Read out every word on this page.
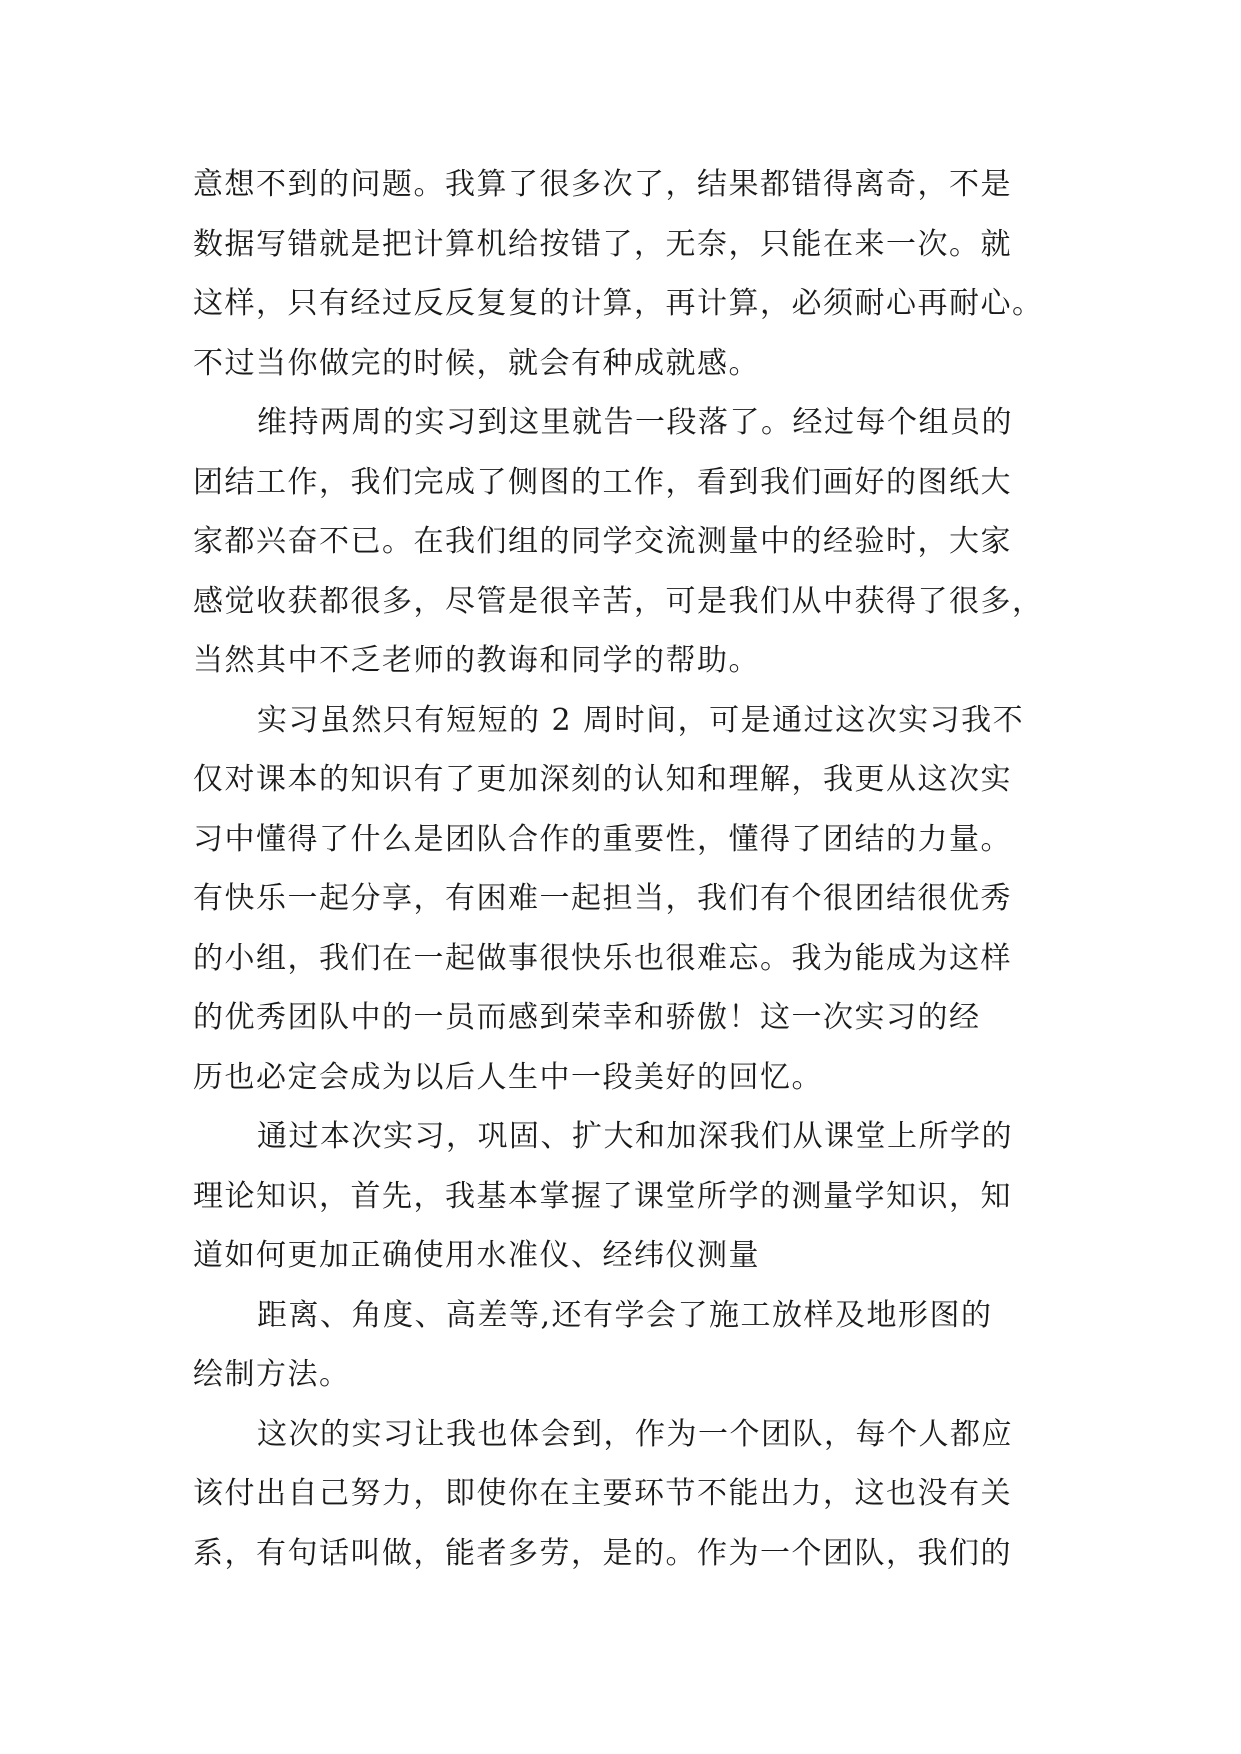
意想不到的问题。我算了很多次了，结果都错得离奇，不是
数据写错就是把计算机给按错了，无奈，只能在来一次。就
这样，只有经过反反复复的计算，再计算，必须耐心再耐心。
不过当你做完的时候，就会有种成就感。

维持两周的实习到这里就告一段落了。经过每个组员的
团结工作，我们完成了侧图的工作，看到我们画好的图纸大
家都兴奋不已。在我们组的同学交流测量中的经验时，大家
感觉收获都很多，尽管是很辛苦，可是我们从中获得了很多，
当然其中不乏老师的教诲和同学的帮助。

实习虽然只有短短的 2 周时间，可是通过这次实习我不
仅对课本的知识有了更加深刻的认知和理解，我更从这次实
习中懂得了什么是团队合作的重要性，懂得了团结的力量。
有快乐一起分享，有困难一起担当，我们有个很团结很优秀
的小组，我们在一起做事很快乐也很难忘。我为能成为这样
的优秀团队中的一员而感到荣幸和骄傲！这一次实习的经
历也必定会成为以后人生中一段美好的回忆。

通过本次实习，巩固、扩大和加深我们从课堂上所学的
理论知识，首先，我基本掌握了课堂所学的测量学知识，知
道如何更加正确使用水准仪、经纬仪测量

距离、角度、高差等,还有学会了施工放样及地形图的
绘制方法。

这次的实习让我也体会到，作为一个团队，每个人都应
该付出自己努力，即使你在主要环节不能出力，这也没有关
系，有句话叫做，能者多劳，是的。作为一个团队，我们的
